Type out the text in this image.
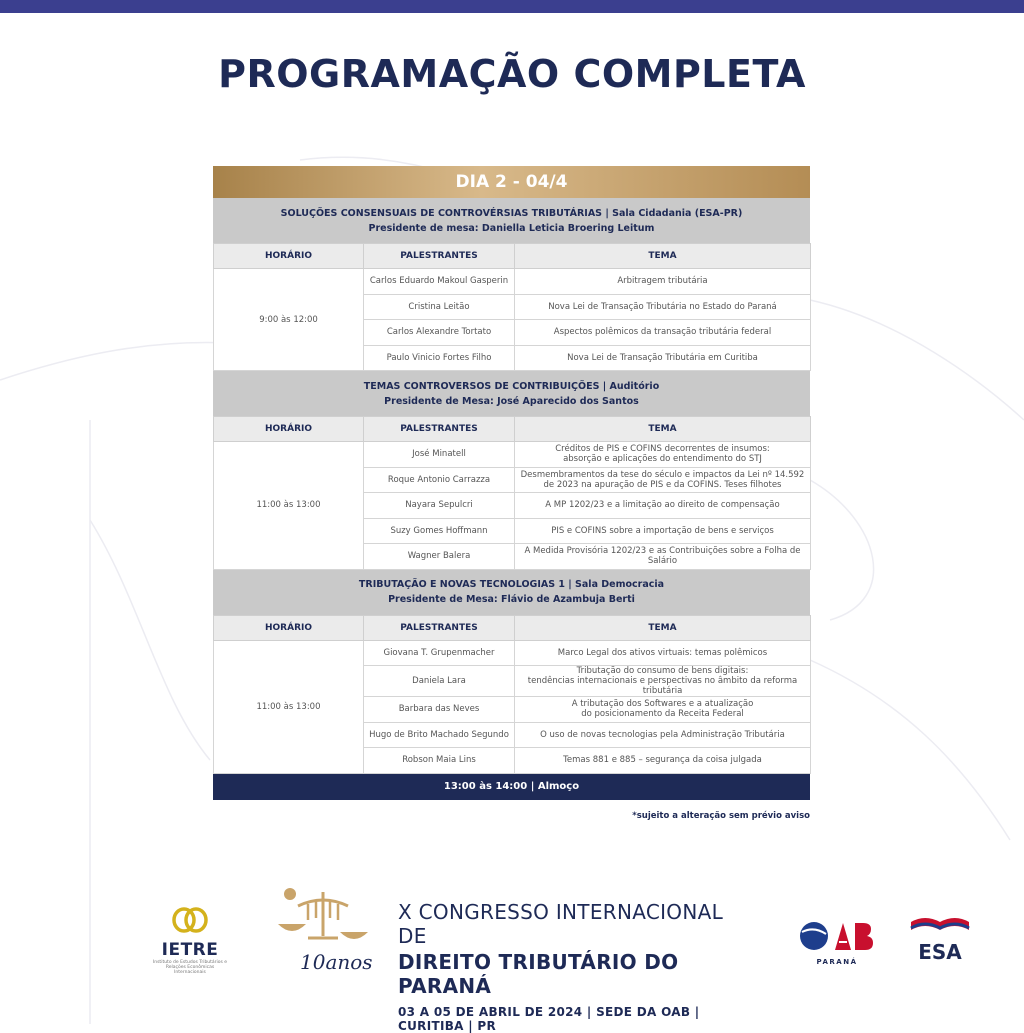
PROGRAMAÇÃO COMPLETA
DIA 2 - 04/4
SOLUÇÕES CONSENSUAIS DE CONTROVÉRSIAS TRIBUTÁRIAS | Sala Cidadania (ESA-PR)
Presidente de mesa: Daniella Leticia Broering Leitum
HORÁRIO	PALESTRANTES	TEMA
9:00 às 12:00	Carlos Eduardo Makoul Gasperin	Arbitragem tributária
	Cristina Leitão	Nova Lei de Transação Tributária no Estado do Paraná
	Carlos Alexandre Tortato	Aspectos polêmicos da transação tributária federal
	Paulo Vinicio Fortes Filho	Nova Lei de Transação Tributária em Curitiba
TEMAS CONTROVERSOS DE CONTRIBUIÇÕES | Auditório
Presidente de Mesa: José Aparecido dos Santos
HORÁRIO	PALESTRANTES	TEMA
11:00 às 13:00	José Minatell	Créditos de PIS e COFINS decorrentes de insumos:
absorção e aplicações do entendimento do STJ
	Roque Antonio Carrazza	Desmembramentos da tese do século e impactos da Lei nº 14.592
de 2023 na apuração de PIS e da COFINS. Teses filhotes
	Nayara Sepulcri	A MP 1202/23 e a limitação ao direito de compensação
	Suzy Gomes Hoffmann	PIS e COFINS sobre a importação de bens e serviços
	Wagner Balera	A Medida Provisória 1202/23 e as Contribuições sobre a Folha de Salário
TRIBUTAÇÃO E NOVAS TECNOLOGIAS 1 | Sala Democracia
Presidente de Mesa: Flávio de Azambuja Berti
HORÁRIO	PALESTRANTES	TEMA
11:00 às 13:00	Giovana T. Grupenmacher	Marco Legal dos ativos virtuais: temas polêmicos
	Daniela Lara	Tributação do consumo de bens digitais:
tendências internacionais e perspectivas no âmbito da reforma tributária
	Barbara das Neves	A tributação dos Softwares e a atualização
do posicionamento da Receita Federal
	Hugo de Brito Machado Segundo	O uso de novas tecnologias pela Administração Tributária
	Robson Maia Lins	Temas 881 e 885 – segurança da coisa julgada
13:00 às 14:00 | Almoço
*sujeito a alteração sem prévio aviso
IETRE
Instituto de Estudos Tributários e Relações Econômicas Internacionais	10anos
X CONGRESSO INTERNACIONAL DE
DIREITO TRIBUTÁRIO DO PARANÁ
03 A 05 DE ABRIL DE 2024 | SEDE DA OAB | CURITIBA | PR
PARANÁ	ESA
